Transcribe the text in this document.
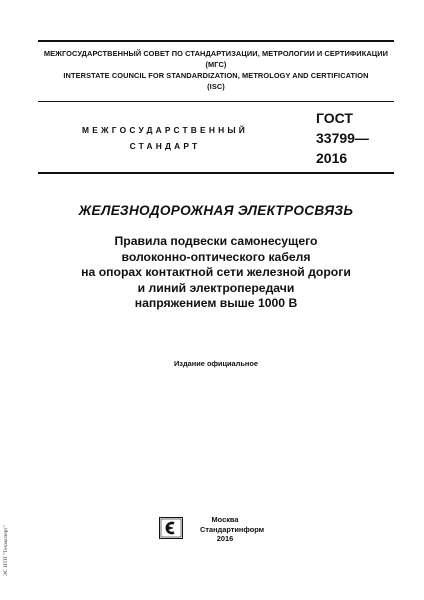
МЕЖГОСУДАРСТВЕННЫЙ СОВЕТ ПО СТАНДАРТИЗАЦИИ, МЕТРОЛОГИИ И СЕРТИФИКАЦИИ
(МГС)
INTERSTATE COUNCIL FOR STANDARDIZATION, METROLOGY AND CERTIFICATION
(ISC)
МЕЖГОСУДАРСТВЕННЫЙ
СТАНДАРТ
ГОСТ
33799—
2016
ЖЕЛЕЗНОДОРОЖНАЯ ЭЛЕКТРОСВЯЗЬ
Правила подвески самонесущего
волоконно-оптического кабеля
на опорах контактной сети железной дороги
и линий электропередачи
напряжением выше 1000 В
Издание официальное
Москва
Стандартинформ
2016
ЭС НТП "Техэксперт"
